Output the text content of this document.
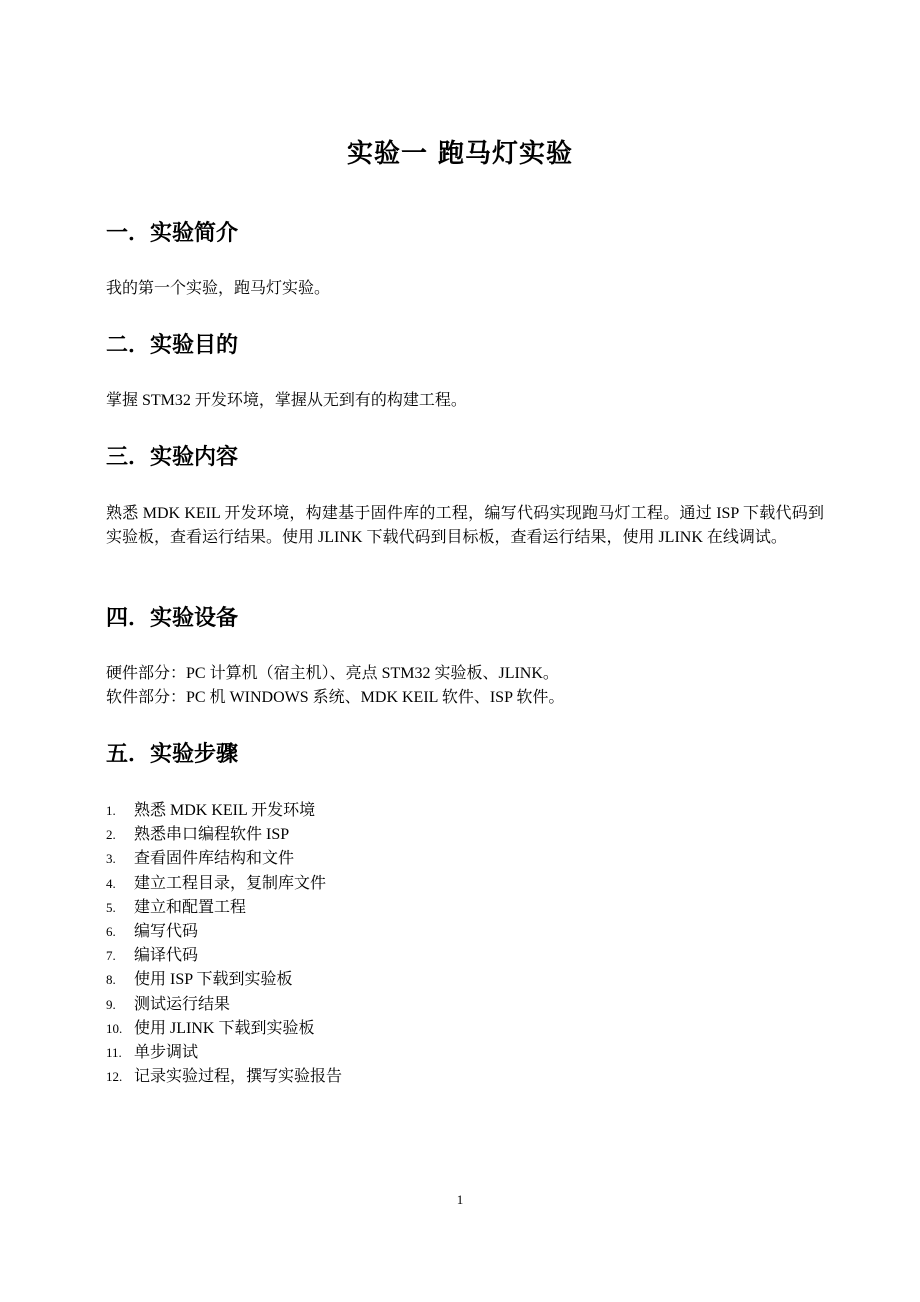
实验一 跑马灯实验
一．实验简介
我的第一个实验，跑马灯实验。
二．实验目的
掌握 STM32 开发环境，掌握从无到有的构建工程。
三．实验内容
熟悉 MDK KEIL 开发环境，构建基于固件库的工程，编写代码实现跑马灯工程。通过 ISP 下载代码到实验板，查看运行结果。使用 JLINK 下载代码到目标板，查看运行结果，使用 JLINK 在线调试。
四．实验设备
硬件部分：PC 计算机（宿主机）、亮点 STM32 实验板、JLINK。
软件部分：PC 机 WINDOWS 系统、MDK KEIL 软件、ISP 软件。
五．实验步骤
1.	熟悉 MDK KEIL 开发环境
2.	熟悉串口编程软件 ISP
3.	查看固件库结构和文件
4.	建立工程目录，复制库文件
5.	建立和配置工程
6.	编写代码
7.	编译代码
8.	使用 ISP 下载到实验板
9.	测试运行结果
10. 使用 JLINK 下载到实验板
11. 单步调试
12. 记录实验过程，撰写实验报告
1
